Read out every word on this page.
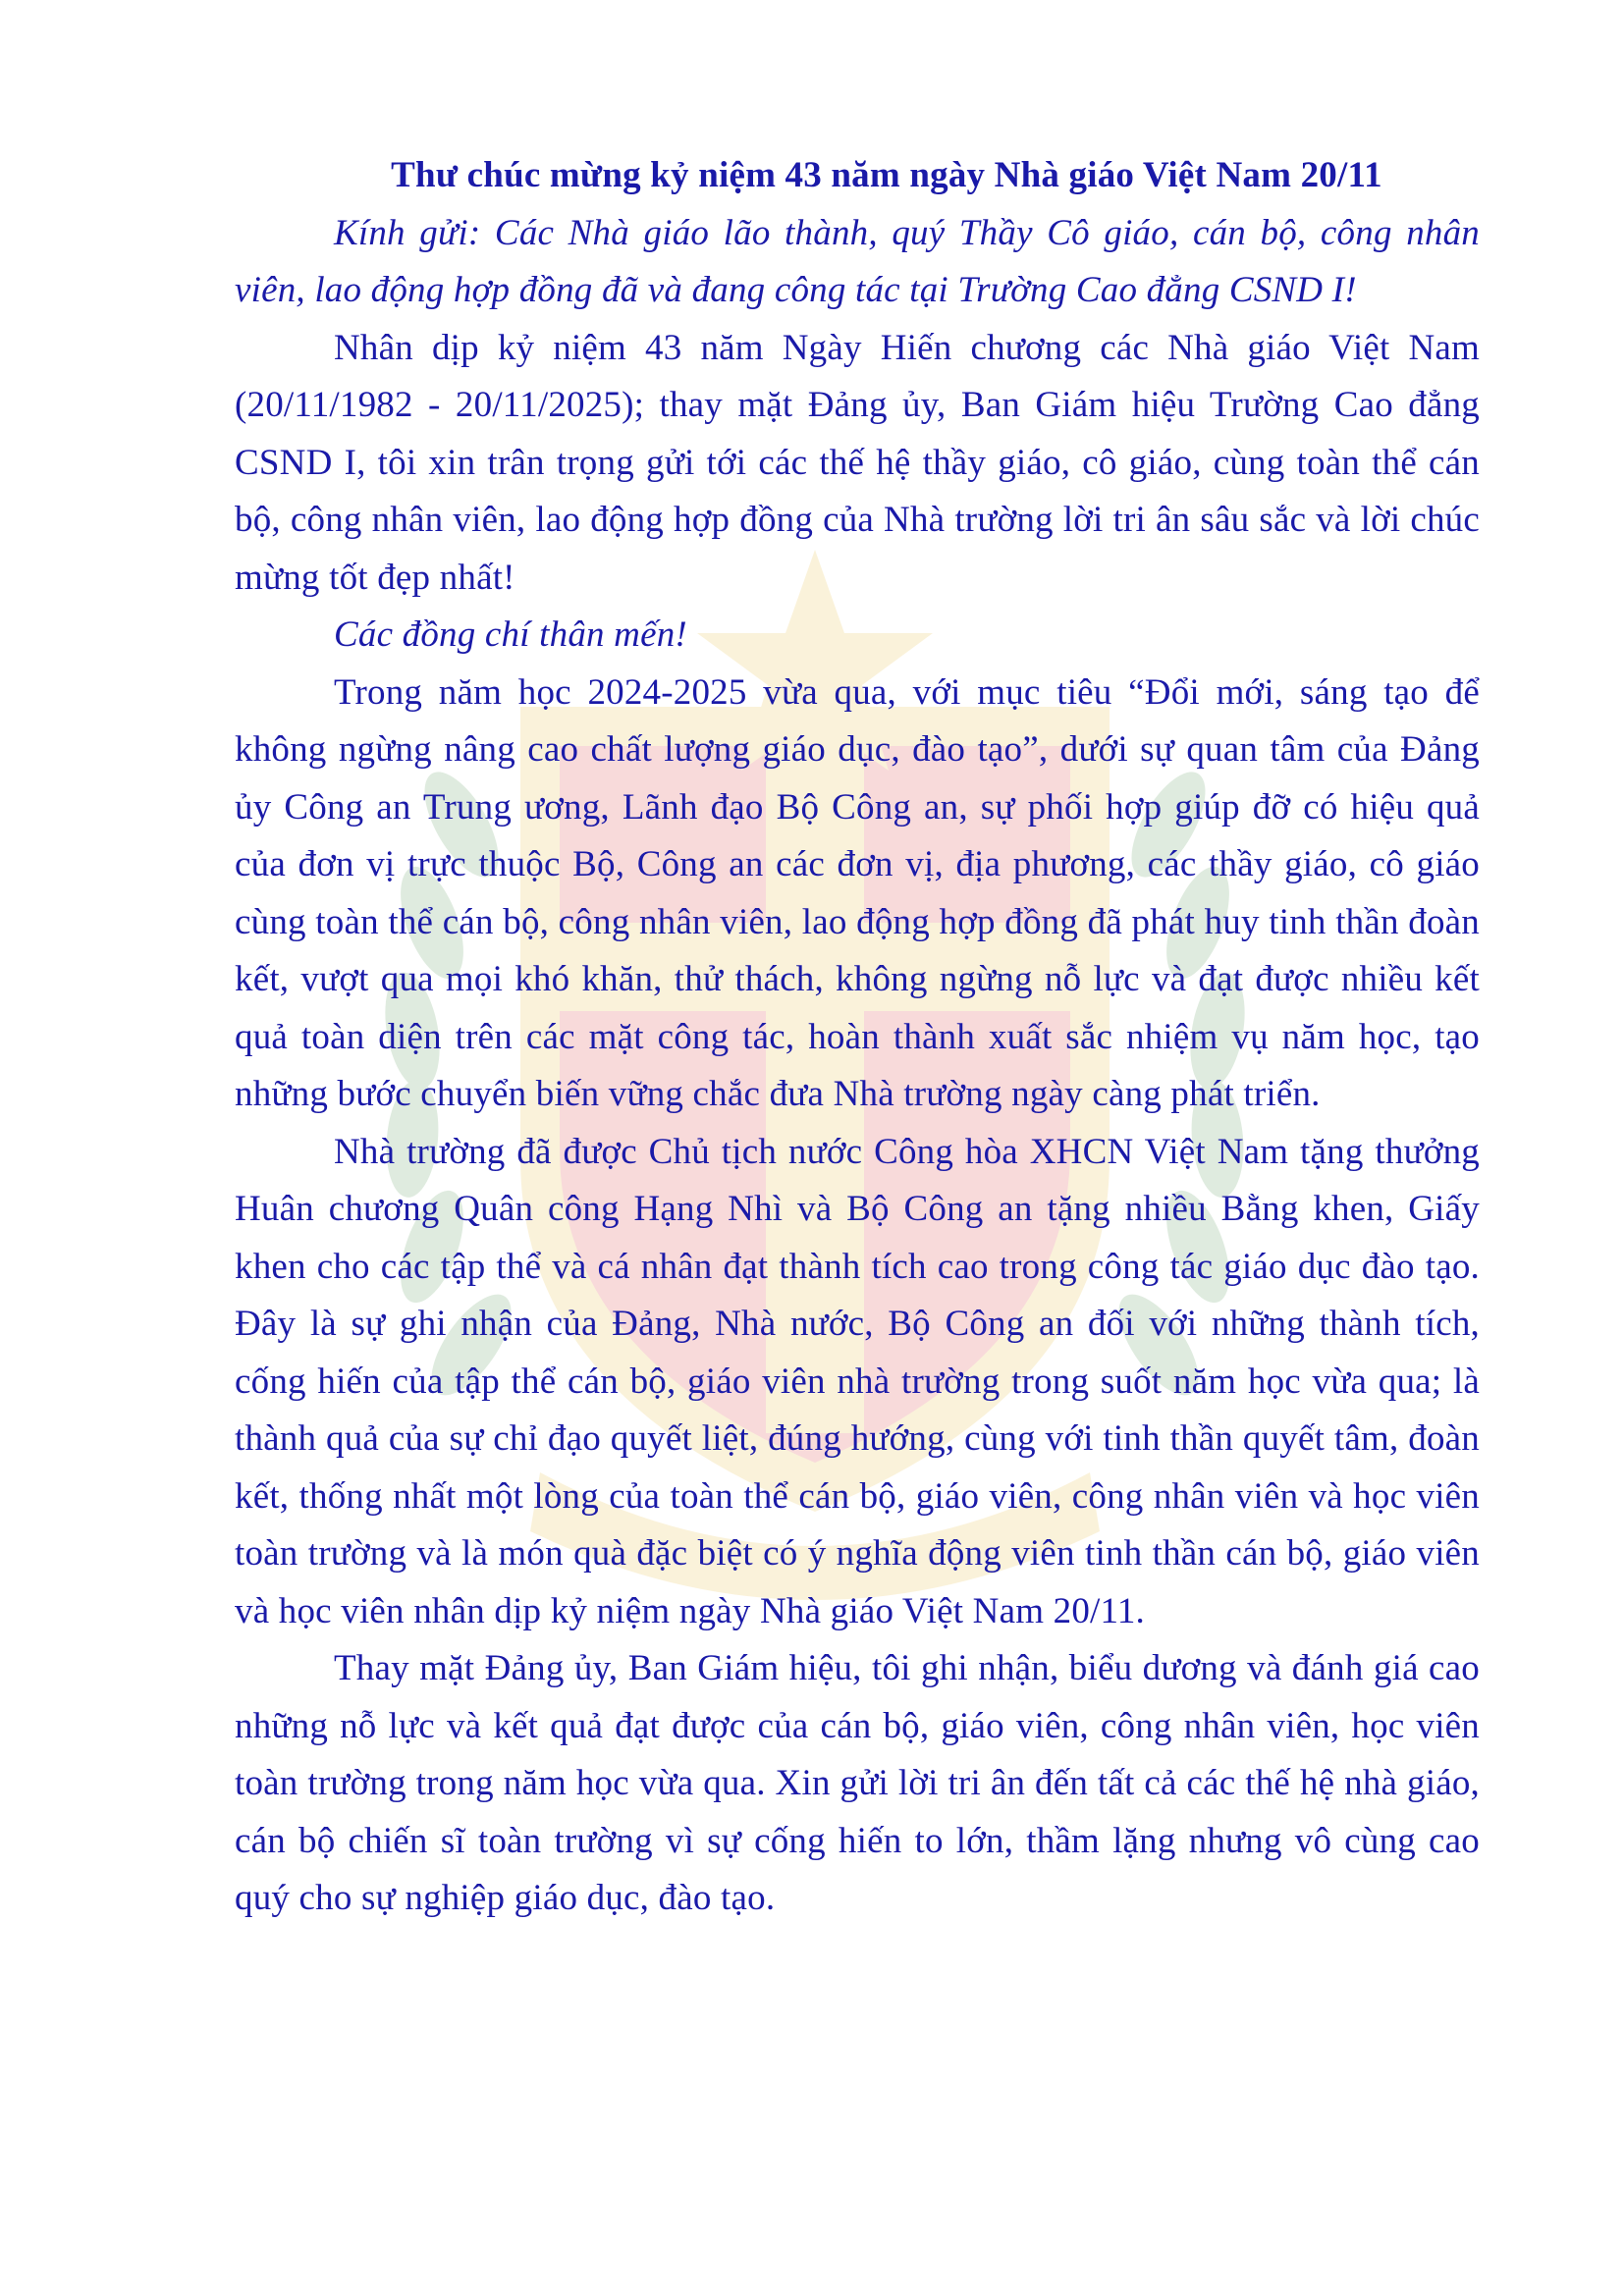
Thư chúc mừng kỷ niệm 43 năm ngày Nhà giáo Việt Nam 20/11

Kính gửi: Các Nhà giáo lão thành, quý Thầy Cô giáo, cán bộ, công nhân viên, lao động hợp đồng đã và đang công tác tại Trường Cao đẳng CSND I!

Nhân dịp kỷ niệm 43 năm Ngày Hiến chương các Nhà giáo Việt Nam (20/11/1982 - 20/11/2025); thay mặt Đảng ủy, Ban Giám hiệu Trường Cao đẳng CSND I, tôi xin trân trọng gửi tới các thế hệ thầy giáo, cô giáo, cùng toàn thể cán bộ, công nhân viên, lao động hợp đồng của Nhà trường lời tri ân sâu sắc và lời chúc mừng tốt đẹp nhất!

Các đồng chí thân mến!

Trong năm học 2024-2025 vừa qua, với mục tiêu “Đổi mới, sáng tạo để không ngừng nâng cao chất lượng giáo dục, đào tạo”, dưới sự quan tâm của Đảng ủy Công an Trung ương, Lãnh đạo Bộ Công an, sự phối hợp giúp đỡ có hiệu quả của đơn vị trực thuộc Bộ, Công an các đơn vị, địa phương, các thầy giáo, cô giáo cùng toàn thể cán bộ, công nhân viên, lao động hợp đồng đã phát huy tinh thần đoàn kết, vượt qua mọi khó khăn, thử thách, không ngừng nỗ lực và đạt được nhiều kết quả toàn diện trên các mặt công tác, hoàn thành xuất sắc nhiệm vụ năm học, tạo những bước chuyển biến vững chắc đưa Nhà trường ngày càng phát triển.

Nhà trường đã được Chủ tịch nước Công hòa XHCN Việt Nam tặng thưởng Huân chương Quân công Hạng Nhì và Bộ Công an tặng nhiều Bằng khen, Giấy khen cho các tập thể và cá nhân đạt thành tích cao trong công tác giáo dục đào tạo. Đây là sự ghi nhận của Đảng, Nhà nước, Bộ Công an đối với những thành tích, cống hiến của tập thể cán bộ, giáo viên nhà trường trong suốt năm học vừa qua; là thành quả của sự chỉ đạo quyết liệt, đúng hướng, cùng với tinh thần quyết tâm, đoàn kết, thống nhất một lòng của toàn thể cán bộ, giáo viên, công nhân viên và học viên toàn trường và là món quà đặc biệt có ý nghĩa động viên tinh thần cán bộ, giáo viên và học viên nhân dịp kỷ niệm ngày Nhà giáo Việt Nam 20/11.

Thay mặt Đảng ủy, Ban Giám hiệu, tôi ghi nhận, biểu dương và đánh giá cao những nỗ lực và kết quả đạt được của cán bộ, giáo viên, công nhân viên, học viên toàn trường trong năm học vừa qua. Xin gửi lời tri ân đến tất cả các thế hệ nhà giáo, cán bộ chiến sĩ toàn trường vì sự cống hiến to lớn, thầm lặng nhưng vô cùng cao quý cho sự nghiệp giáo dục, đào tạo.
